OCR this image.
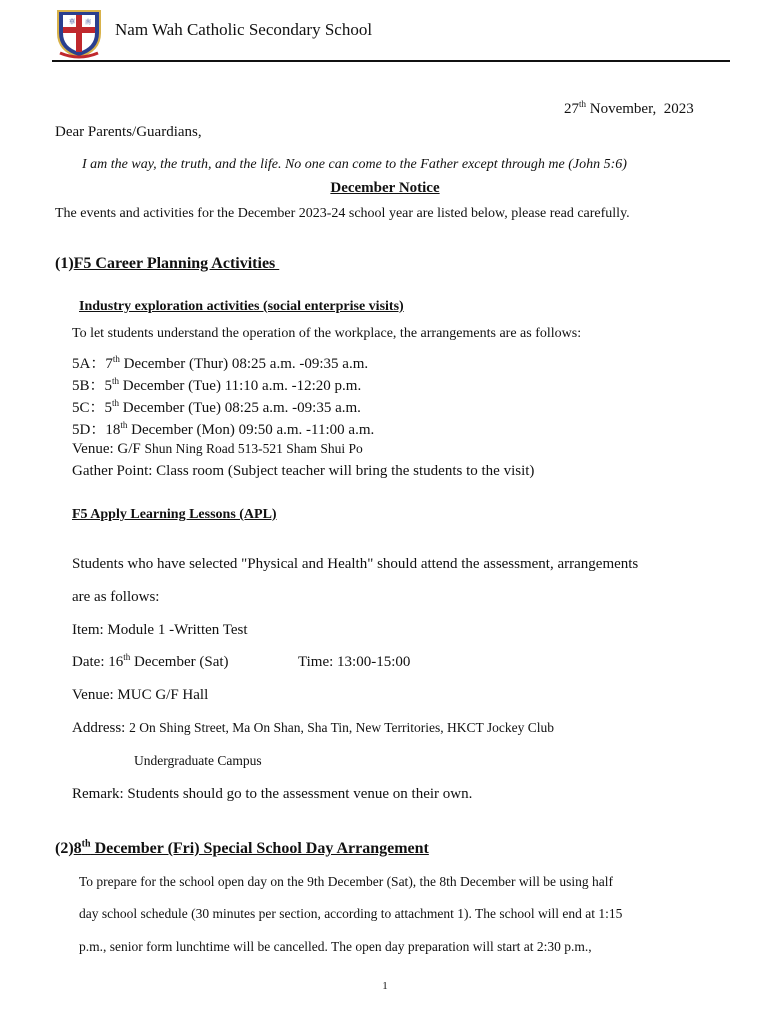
華 南 Nam Wah Catholic Secondary School
27th November,  2023
Dear Parents/Guardians,
I am the way, the truth, and the life. No one can come to the Father except through me (John 5:6)
December Notice
The events and activities for the December 2023-24 school year are listed below, please read carefully.
(1)F5 Career Planning Activities
Industry exploration activities (social enterprise visits)
To let students understand the operation of the workplace, the arrangements are as follows:
5A：7th December (Thur) 08:25 a.m. -09:35 a.m.
5B：5th December (Tue) 11:10 a.m. -12:20 p.m.
5C：5th December (Tue) 08:25 a.m. -09:35 a.m.
5D：18th December (Mon) 09:50 a.m. -11:00 a.m.
Venue: G/F Shun Ning Road 513-521 Sham Shui Po
Gather Point: Class room (Subject teacher will bring the students to the visit)
F5 Apply Learning Lessons (APL)
Students who have selected "Physical and Health" should attend the assessment, arrangements
are as follows:
Item: Module 1 -Written Test
Date: 16th December (Sat)	Time: 13:00-15:00
Venue: MUC G/F Hall
Address: 2 On Shing Street, Ma On Shan, Sha Tin, New Territories, HKCT Jockey Club
Undergraduate Campus
Remark: Students should go to the assessment venue on their own.
(2)8th December (Fri) Special School Day Arrangement
To prepare for the school open day on the 9th December (Sat), the 8th December will be using half
day school schedule (30 minutes per section, according to attachment 1). The school will end at 1:15
p.m., senior form lunchtime will be cancelled. The open day preparation will start at 2:30 p.m.,
1
